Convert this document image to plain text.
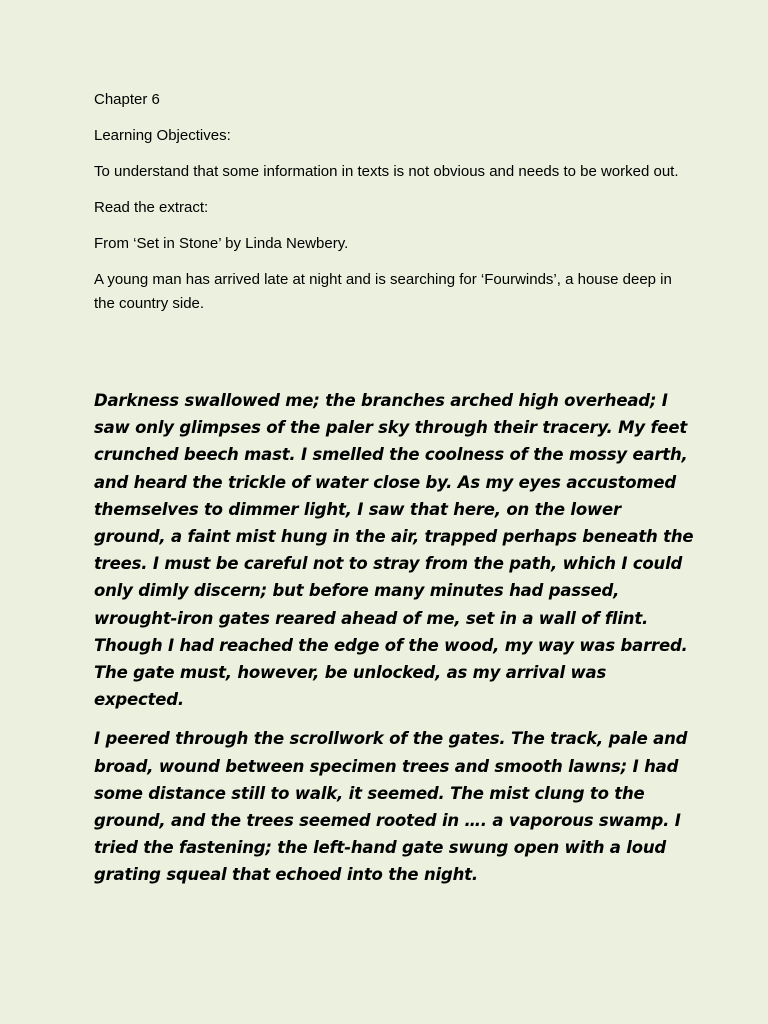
Chapter 6

Learning Objectives:

To understand that some information in texts is not obvious and needs to be worked out.

Read the extract:

From ‘Set in Stone’ by Linda Newbery.

A young man has arrived late at night and is searching for ‘Fourwinds’, a house deep in the country side.

Darkness swallowed me; the branches arched high overhead; I saw only glimpses of the paler sky through their tracery. My feet crunched beech mast. I smelled the coolness of the mossy earth, and heard the trickle of water close by. As my eyes accustomed themselves to dimmer light, I saw that here, on the lower ground, a faint mist hung in the air, trapped perhaps beneath the trees. I must be careful not to stray from the path, which I could only dimly discern; but before many minutes had passed, wrought-iron gates reared ahead of me, set in a wall of flint. Though I had reached the edge of the wood, my way was barred. The gate must, however, be unlocked, as my arrival was expected.

I peered through the scrollwork of the gates. The track, pale and broad, wound between specimen trees and smooth lawns; I had some distance still to walk, it seemed. The mist clung to the ground, and the trees seemed rooted in …. a vaporous swamp. I tried the fastening; the left-hand gate swung open with a loud grating squeal that echoed into the night.
